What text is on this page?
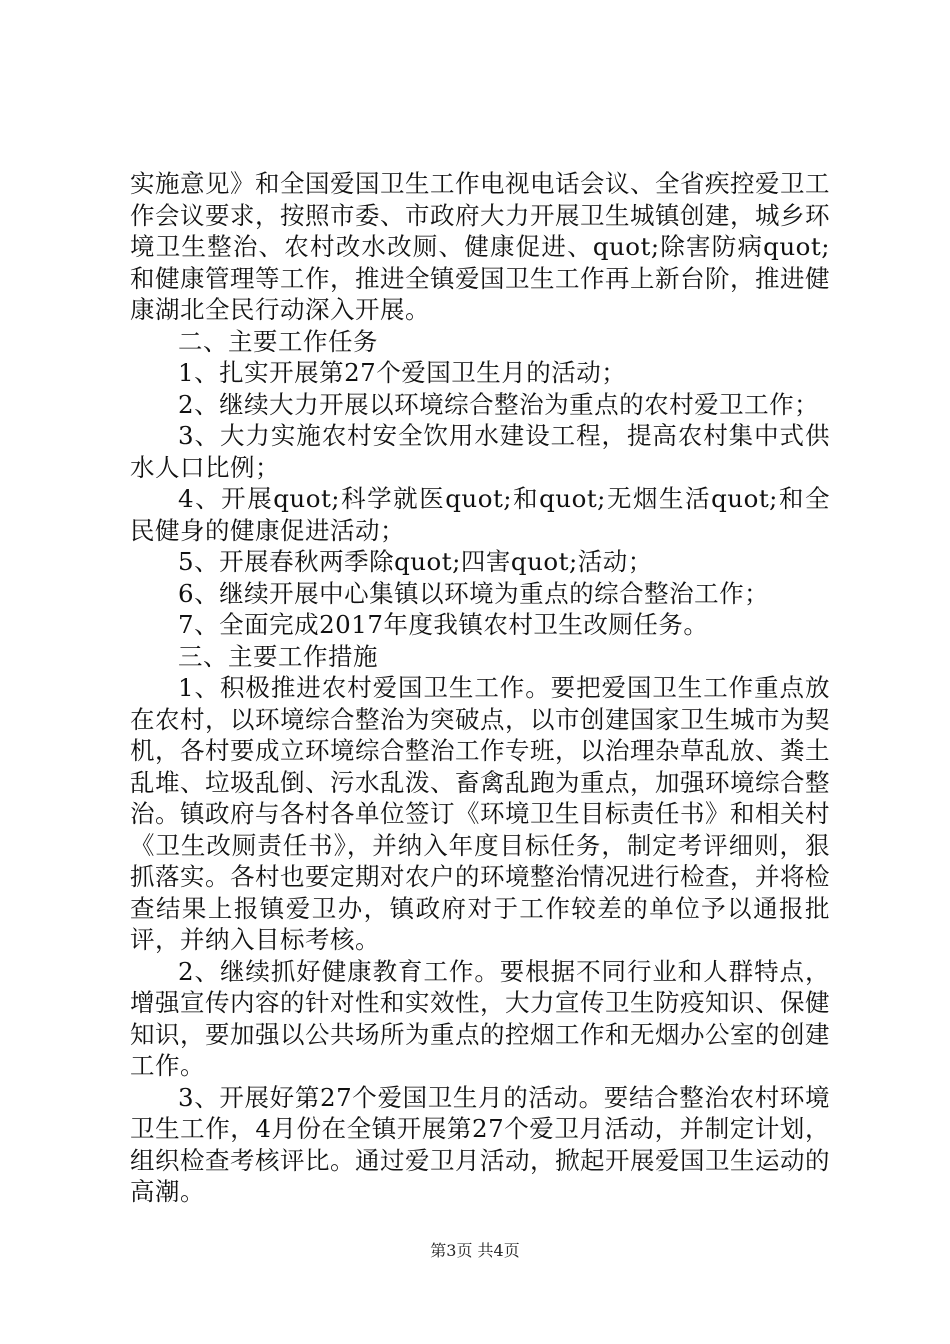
实施意见》和全国爱国卫生工作电视电话会议、全省疾控爱卫工作会议要求，按照市委、市政府大力开展卫生城镇创建，城乡环境卫生整治、农村改水改厕、健康促进、quot;除害防病quot;和健康管理等工作，推进全镇爱国卫生工作再上新台阶，推进健康湖北全民行动深入开展。

二、主要工作任务

1、扎实开展第27个爱国卫生月的活动；

2、继续大力开展以环境综合整治为重点的农村爱卫工作；

3、大力实施农村安全饮用水建设工程，提高农村集中式供水人口比例；

4、开展quot;科学就医quot;和quot;无烟生活quot;和全民健身的健康促进活动；

5、开展春秋两季除quot;四害quot;活动；

6、继续开展中心集镇以环境为重点的综合整治工作；

7、全面完成2017年度我镇农村卫生改厕任务。

三、主要工作措施

1、积极推进农村爱国卫生工作。要把爱国卫生工作重点放在农村，以环境综合整治为突破点，以市创建国家卫生城市为契机，各村要成立环境综合整治工作专班，以治理杂草乱放、粪土乱堆、垃圾乱倒、污水乱泼、畜禽乱跑为重点，加强环境综合整治。镇政府与各村各单位签订《环境卫生目标责任书》和相关村《卫生改厕责任书》，并纳入年度目标任务，制定考评细则，狠抓落实。各村也要定期对农户的环境整治情况进行检查，并将检查结果上报镇爱卫办，镇政府对于工作较差的单位予以通报批评，并纳入目标考核。

2、继续抓好健康教育工作。要根据不同行业和人群特点，增强宣传内容的针对性和实效性，大力宣传卫生防疫知识、保健知识，要加强以公共场所为重点的控烟工作和无烟办公室的创建工作。

3、开展好第27个爱国卫生月的活动。要结合整治农村环境卫生工作，4月份在全镇开展第27个爱卫月活动，并制定计划，组织检查考核评比。通过爱卫月活动，掀起开展爱国卫生运动的高潮。

第3页 共4页
